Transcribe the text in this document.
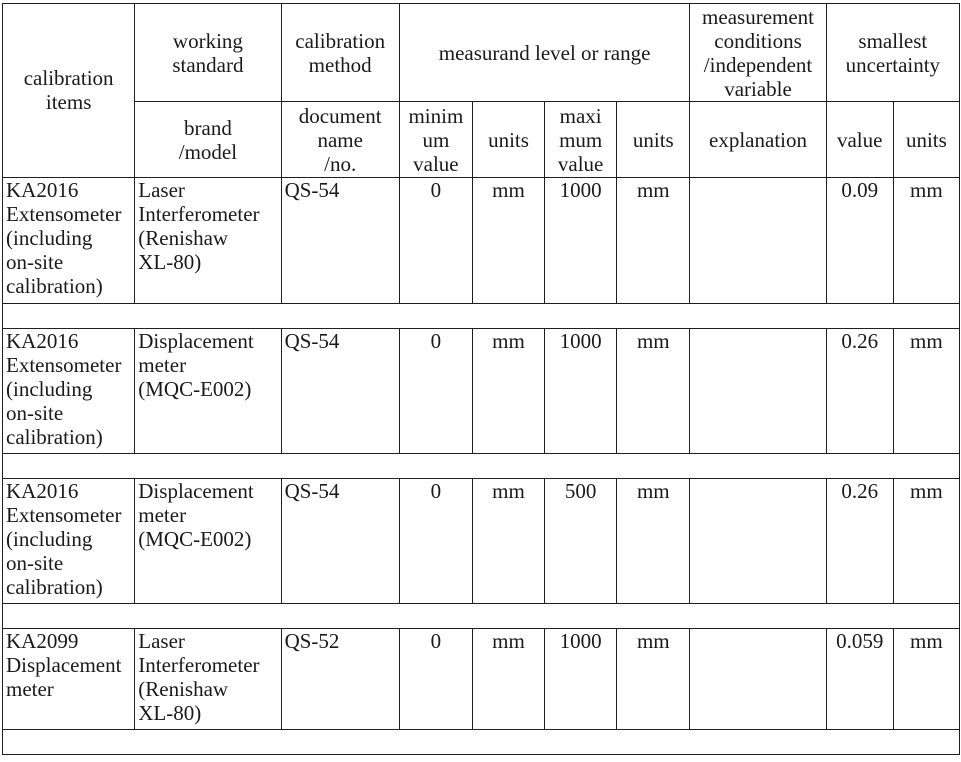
calibration
items	working
standard	calibration
method	measurand level or range				measurement
conditions
/independent
variable	smallest
uncertainty	

	brand
/model	document
name
/no.	minim
um
value	units	maxi
mum
value	units	explanation	value	units

KA2016
Extensometer
(including
on-site
calibration)	Laser
Interferometer
(Renishaw
XL-80)	QS-54	0	mm	1000	mm		0.09	mm

KA2016
Extensometer
(including
on-site
calibration)	Displacement
meter
(MQC-E002)	QS-54	0	mm	1000	mm		0.26	mm

KA2016
Extensometer
(including
on-site
calibration)	Displacement
meter
(MQC-E002)	QS-54	0	mm	500	mm		0.26	mm

KA2099
Displacement
meter	Laser
Interferometer
(Renishaw
XL-80)	QS-52	0	mm	1000	mm		0.059	mm
